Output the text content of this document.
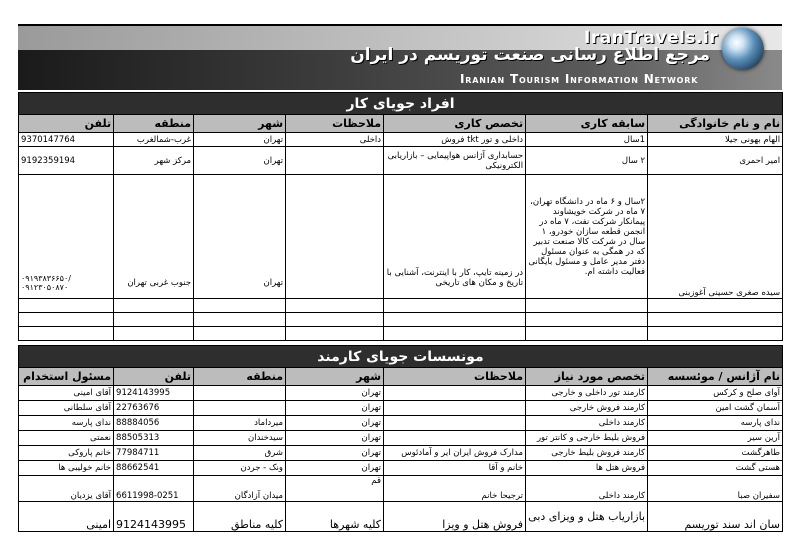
IranTravels.ir
مرجع اطلاع رسانی صنعت توریسم در ایران
Iranian Tourism Information Network
افراد جویای کار						
نام و نام خانوادگی	سابقه کاری	تخصص کاری	ملاحظات	شهر	منطقه	تلفن
الهام بهونی جیلا	1سال	داخلی و تور tkt فروش	داخلی	تهران	غرب-شمالغرب	9370147764
امیر احمری	۲ سال	حسابداری آژانس هواپیمایی – بازاریابی الکترونیکی		تهران	مرکز شهر	9192359194
سیده صغری حسینی آغوزبنی	۲سال و ۶ ماه در دانشگاه تهران، ۷ ماه در شرکت خویشاوند پیمانکار شرکت نفت، ۷ ماه در انجمن قطعه سازان خودرو، ۱ سال در شرکت کالا صنعت تدبیر که در همگی به عنوان مسئول دفتر مدیر عامل و مسئول بایگانی فعالیت داشته ام.	در زمینه تایپ، کار با اینترنت، آشنایی با تاریخ و مکان های تاریخی		تهران	جنوب غربی تهران	۰۹۱۹۳۸۳۶۶۵۰/ ۰۹۱۲۳۰۵۰۸۷۰

مونسسات جویای کارمند						
نام آژانس / موئسسه	تخصص مورد نیاز	ملاحظات	شهر	منطقه	تلفن	مسئول استخدام
آوای صلح و کرکس	کارمند تور داخلی و خارجی		تهران		9124143995	آقای امینی
آسمان گشت امین	کارمند فروش خارجی		تهران		22763676	آقای سلطانی
ندای پارسه	کارمند داخلی		تهران	میرداماد	88884056	ندای پارسه
آرین سیر	فروش بلیط خارجی و کانتر تور		تهران	سیدخندان	88505313	نعمتی
طاهرگشت	کارمند فروش بلیط خارجی	مدارک فروش ایران ایر و آمادئوس	تهران	شرق	77984711	خانم پاروکی
هستی گشت	فروش هتل ها	خانم و آقا	تهران	ونک - جردن	88662541	خانم خولیبی ها
سفیران صبا	کارمند داخلی	ترجیحا خانم	قم	میدان آزادگان	6611998-0251	آقای یزدیان
سان اند سند توریسم	بازاریاب هتل و ویزای دبی	فروش هتل و ویزا	کلیه شهرها	کلیه مناطق	9124143995	امینی
